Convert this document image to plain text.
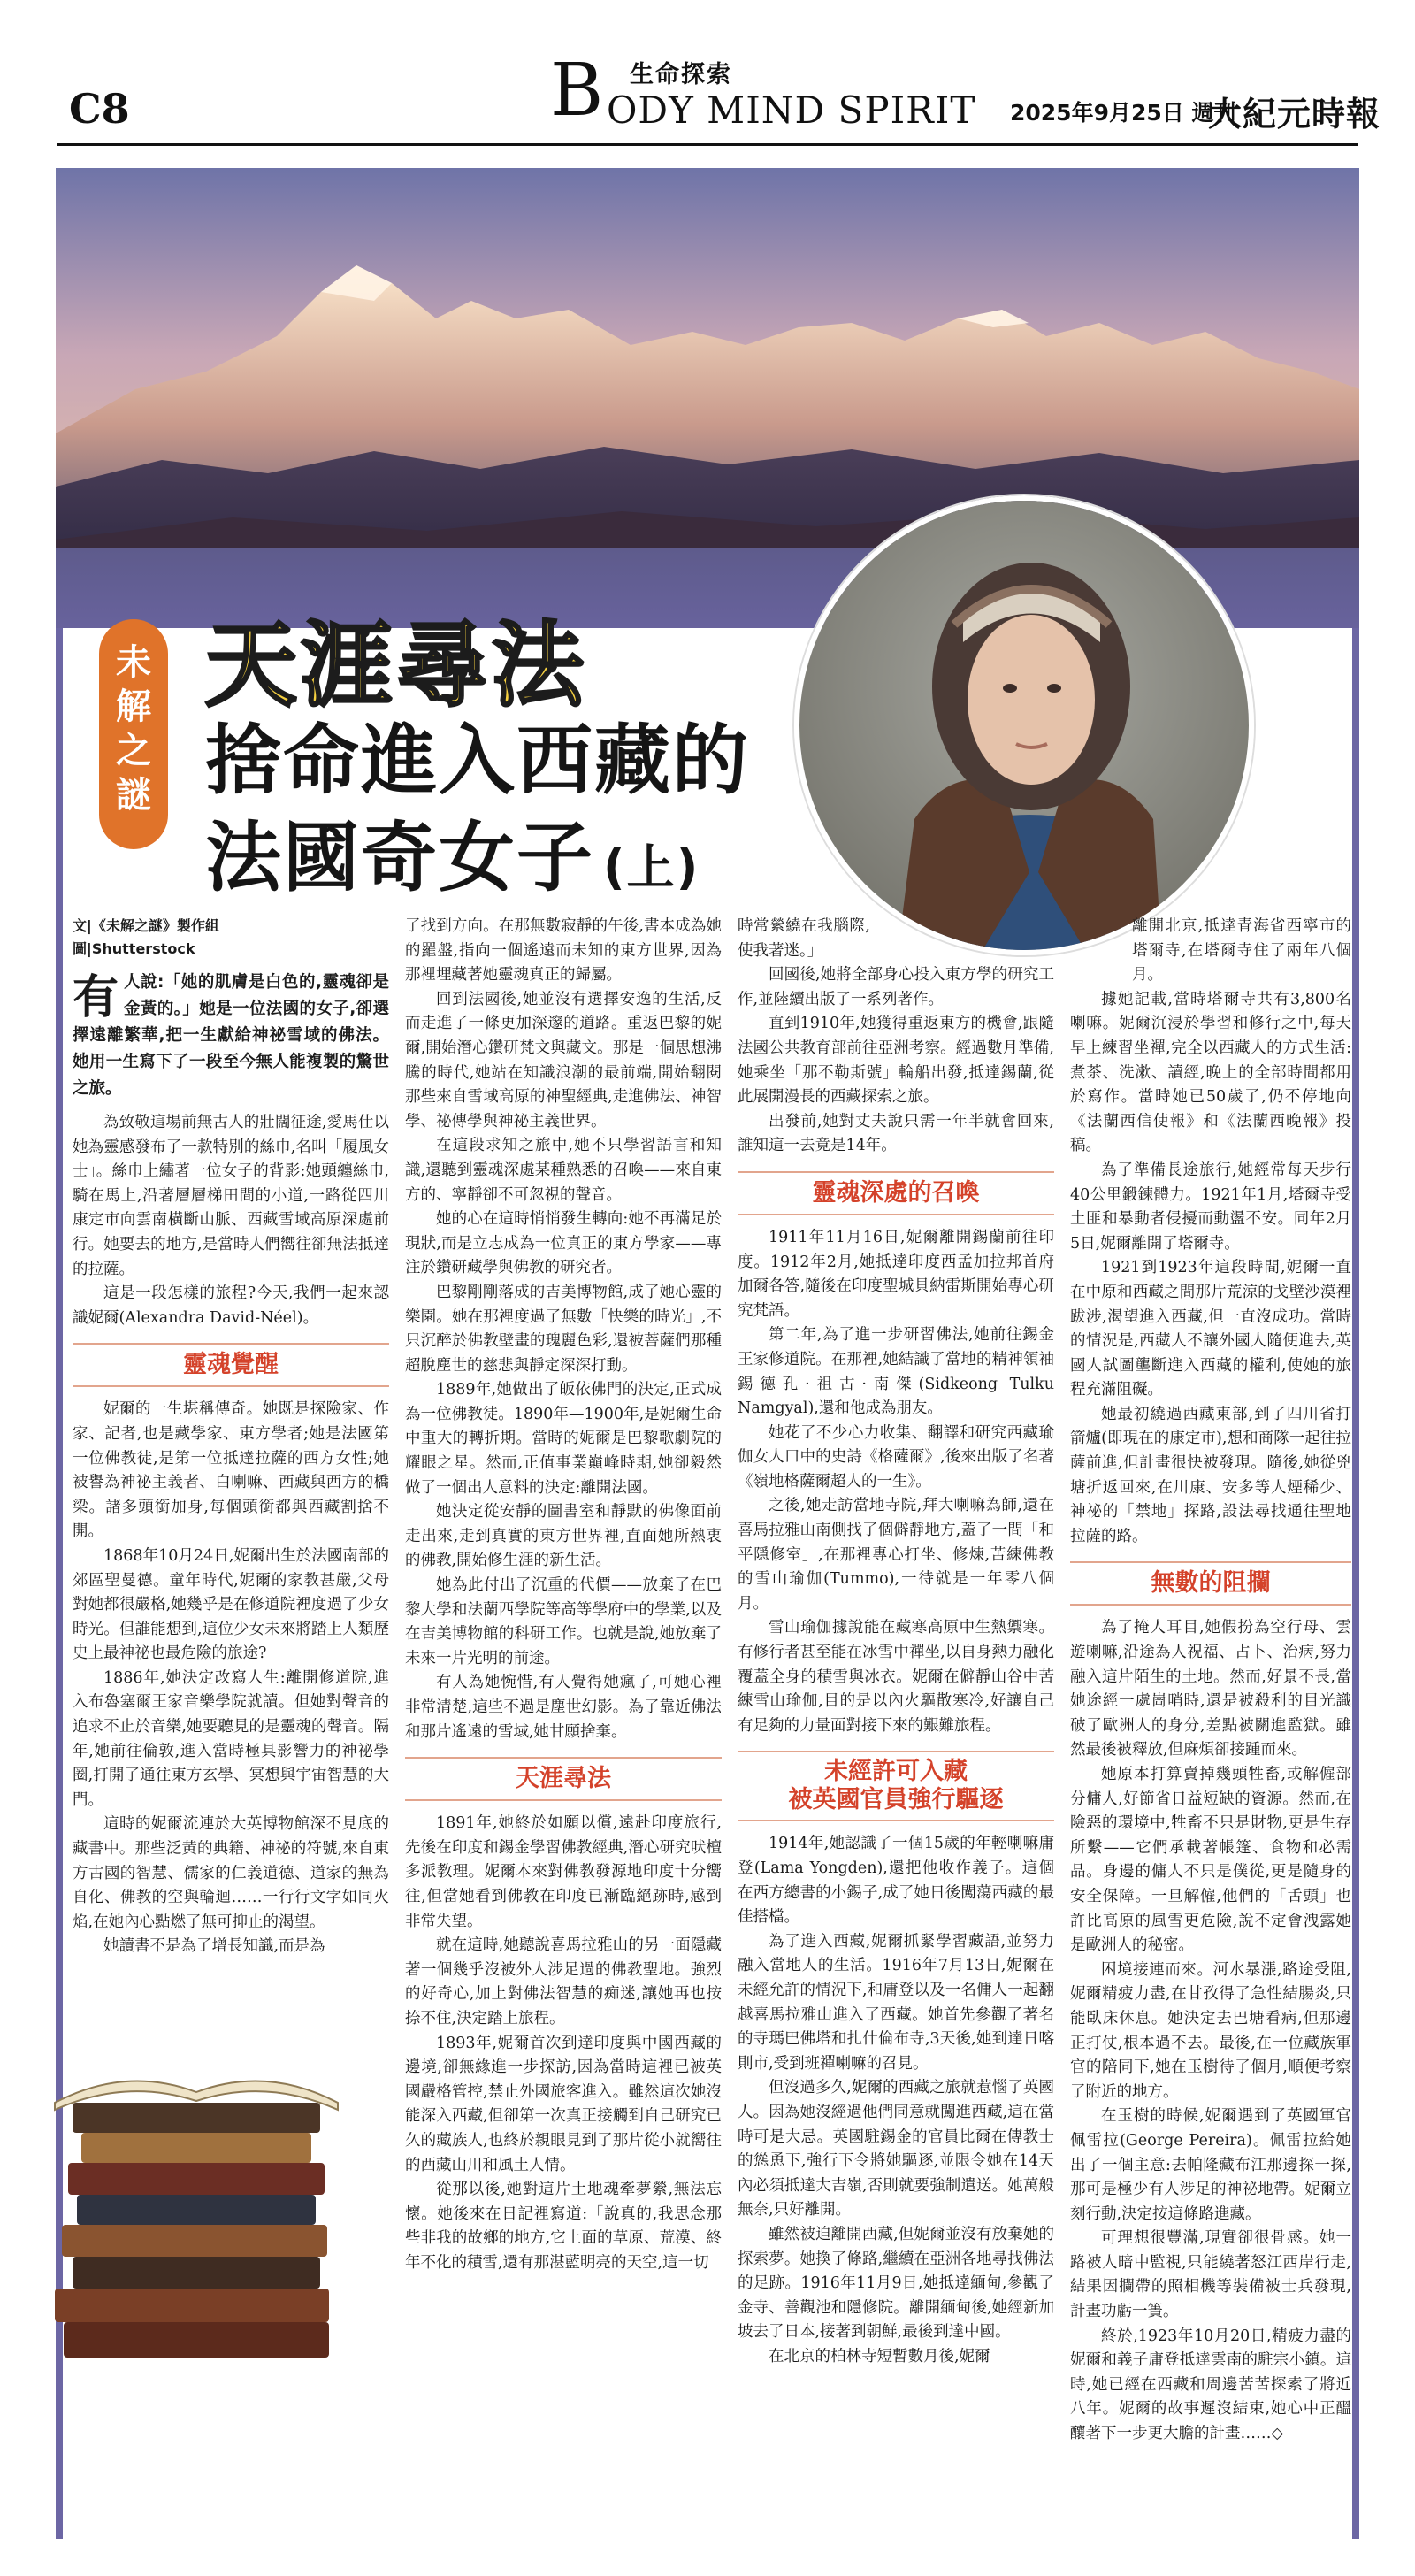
C8	B 生命探索
ODY MIND SPIRIT 2025年9月25日 週刊
大紀元時報
未
解
之
謎
天涯尋法
捨命進入西藏的
法國奇女子 (上)

文|《未解之謎》製作組

圖|Shutterstock

有人說:「她的肌膚是白色的,靈魂卻是金黃的。」她是一位法國的女子,卻選擇遠離繁華,把一生獻給神祕雪域的佛法。她用一生寫下了一段至今無人能複製的驚世之旅。

為致敬這場前無古人的壯闊征途,愛馬仕以她為靈感發布了一款特別的絲巾,名叫「履風女士」。絲巾上繡著一位女子的背影:她頭纏絲巾,騎在馬上,沿著層層梯田間的小道,一路從四川康定市向雲南橫斷山脈、西藏雪域高原深處前行。她要去的地方,是當時人們嚮往卻無法抵達的拉薩。

這是一段怎樣的旅程?今天,我們一起來認識妮爾(Alexandra David-Néel)。

靈魂覺醒

妮爾的一生堪稱傳奇。她既是探險家、作家、記者,也是藏學家、東方學者;她是法國第一位佛教徒,是第一位抵達拉薩的西方女性;她被譽為神祕主義者、白喇嘛、西藏與西方的橋梁。諸多頭銜加身,每個頭銜都與西藏割捨不開。

1868年10月24日,妮爾出生於法國南部的郊區聖曼德。童年時代,妮爾的家教甚嚴,父母對她都很嚴格,她幾乎是在修道院裡度過了少女時光。但誰能想到,這位少女未來將踏上人類歷史上最神祕也最危險的旅途?

1886年,她決定改寫人生:離開修道院,進入布魯塞爾王家音樂學院就讀。但她對聲音的追求不止於音樂,她要聽見的是靈魂的聲音。隔年,她前往倫敦,進入當時極具影響力的神祕學圈,打開了通往東方玄學、冥想與宇宙智慧的大門。

這時的妮爾流連於大英博物館深不見底的藏書中。那些泛黃的典籍、神祕的符號,來自東方古國的智慧、儒家的仁義道德、道家的無為自化、佛教的空與輪迴……一行行文字如同火焰,在她內心點燃了無可抑止的渴望。

她讀書不是為了增長知識,而是為

了找到方向。在那無數寂靜的午後,書本成為她的羅盤,指向一個遙遠而未知的東方世界,因為那裡埋藏著她靈魂真正的歸屬。

回到法國後,她並沒有選擇安逸的生活,反而走進了一條更加深邃的道路。重返巴黎的妮爾,開始潛心鑽研梵文與藏文。那是一個思想沸騰的時代,她站在知識浪潮的最前端,開始翻閱那些來自雪域高原的神聖經典,走進佛法、神智學、祕傳學與神祕主義世界。

在這段求知之旅中,她不只學習語言和知識,還聽到靈魂深處某種熟悉的召喚——來自東方的、寧靜卻不可忽視的聲音。

她的心在這時悄悄發生轉向:她不再滿足於現狀,而是立志成為一位真正的東方學家——專注於鑽研藏學與佛教的研究者。

巴黎剛剛落成的吉美博物館,成了她心靈的樂園。她在那裡度過了無數「快樂的時光」,不只沉醉於佛教壁畫的瑰麗色彩,還被菩薩們那種超脫塵世的慈悲與靜定深深打動。

1889年,她做出了皈依佛門的決定,正式成為一位佛教徒。1890年—1900年,是妮爾生命中重大的轉折期。當時的妮爾是巴黎歌劇院的耀眼之星。然而,正值事業巔峰時期,她卻毅然做了一個出人意料的決定:離開法國。

她決定從安靜的圖書室和靜默的佛像面前走出來,走到真實的東方世界裡,直面她所熱衷的佛教,開始修生涯的新生活。

她為此付出了沉重的代價——放棄了在巴黎大學和法蘭西學院等高等學府中的學業,以及在吉美博物館的科研工作。也就是說,她放棄了未來一片光明的前途。

有人為她惋惜,有人覺得她瘋了,可她心裡非常清楚,這些不過是塵世幻影。為了靠近佛法和那片遙遠的雪域,她甘願捨棄。

天涯尋法

1891年,她終於如願以償,遠赴印度旅行,先後在印度和錫金學習佛教經典,潛心研究吠檀多派教理。妮爾本來對佛教發源地印度十分嚮往,但當她看到佛教在印度已漸臨絕跡時,感到非常失望。

就在這時,她聽說喜馬拉雅山的另一面隱藏著一個幾乎沒被外人涉足過的佛教聖地。強烈的好奇心,加上對佛法智慧的痴迷,讓她再也按捺不住,決定踏上旅程。

1893年,妮爾首次到達印度與中國西藏的邊境,卻無緣進一步探訪,因為當時這裡已被英國嚴格管控,禁止外國旅客進入。雖然這次她沒能深入西藏,但卻第一次真正接觸到自己研究已久的藏族人,也終於親眼見到了那片從小就嚮往的西藏山川和風土人情。

從那以後,她對這片土地魂牽夢縈,無法忘懷。她後來在日記裡寫道:「說真的,我思念那些非我的故鄉的地方,它上面的草原、荒漠、終年不化的積雪,還有那湛藍明亮的天空,這一切

時常縈繞在我腦際,使我著迷。」

回國後,她將全部身心投入東方學的研究工作,並陸續出版了一系列著作。

直到1910年,她獲得重返東方的機會,跟隨法國公共教育部前往亞洲考察。經過數月準備,她乘坐「那不勒斯號」輪船出發,抵達錫蘭,從此展開漫長的西藏探索之旅。

出發前,她對丈夫說只需一年半就會回來,誰知這一去竟是14年。

靈魂深處的召喚

1911年11月16日,妮爾離開錫蘭前往印度。1912年2月,她抵達印度西孟加拉邦首府加爾各答,隨後在印度聖城貝納雷斯開始專心研究梵語。

第二年,為了進一步研習佛法,她前往錫金王家修道院。在那裡,她結識了當地的精神領袖錫德孔·祖古·南傑(Sidkeong Tulku Namgyal),還和他成為朋友。

她花了不少心力收集、翻譯和研究西藏瑜伽女人口中的史詩《格薩爾》,後來出版了名著《嶺地格薩爾超人的一生》。

之後,她走訪當地寺院,拜大喇嘛為師,還在喜馬拉雅山南側找了個僻靜地方,蓋了一間「和平隱修室」,在那裡專心打坐、修煉,苦練佛教的雪山瑜伽(Tummo),一待就是一年零八個月。

雪山瑜伽據說能在藏寒高原中生熱禦寒。有修行者甚至能在冰雪中禪坐,以自身熱力融化覆蓋全身的積雪與冰衣。妮爾在僻靜山谷中苦練雪山瑜伽,目的是以內火驅散寒冷,好讓自己有足夠的力量面對接下來的艱難旅程。

未經許可入藏
被英國官員強行驅逐

1914年,她認識了一個15歲的年輕喇嘛庸登(Lama Yongden),還把他收作義子。這個在西方總書的小錫子,成了她日後闖蕩西藏的最佳搭檔。

為了進入西藏,妮爾抓緊學習藏語,並努力融入當地人的生活。1916年7月13日,妮爾在未經允許的情況下,和庸登以及一名傭人一起翻越喜馬拉雅山進入了西藏。她首先參觀了著名的寺瑪巴佛塔和扎什倫布寺,3天後,她到達日喀則市,受到班禪喇嘛的召見。

但沒過多久,妮爾的西藏之旅就惹惱了英國人。因為她沒經過他們同意就闖進西藏,這在當時可是大忌。英國駐錫金的官員比爾在傳教士的慫恿下,強行下令將她驅逐,並限令她在14天內必須抵達大吉嶺,否則就要強制遣送。她萬般無奈,只好離開。

雖然被迫離開西藏,但妮爾並沒有放棄她的探索夢。她換了條路,繼續在亞洲各地尋找佛法的足跡。1916年11月9日,她抵達緬甸,參觀了金寺、善觀池和隱修院。離開緬甸後,她經新加坡去了日本,接著到朝鮮,最後到達中國。

在北京的柏林寺短暫數月後,妮爾

離開北京,抵達青海省西寧市的塔爾寺,在塔爾寺住了兩年八個月。

據她記載,當時塔爾寺共有3,800名喇嘛。妮爾沉浸於學習和修行之中,每天早上練習坐禪,完全以西藏人的方式生活:煮茶、洗漱、讀經,晚上的全部時間都用於寫作。當時她已50歲了,仍不停地向《法蘭西信使報》和《法蘭西晚報》投稿。

為了準備長途旅行,她經常每天步行40公里鍛鍊體力。1921年1月,塔爾寺受土匪和暴動者侵擾而動盪不安。同年2月5日,妮爾離開了塔爾寺。

1921到1923年這段時間,妮爾一直在中原和西藏之間那片荒涼的戈壁沙漠裡跋涉,渴望進入西藏,但一直沒成功。當時的情況是,西藏人不讓外國人隨便進去,英國人試圖壟斷進入西藏的權利,使她的旅程充滿阻礙。

她最初繞過西藏東部,到了四川省打箭爐(即現在的康定市),想和商隊一起往拉薩前進,但計畫很快被發現。隨後,她從兇塘折返回來,在川康、安多等人煙稀少、神祕的「禁地」探路,設法尋找通往聖地拉薩的路。

無數的阻攔

為了掩人耳目,她假扮為空行母、雲遊喇嘛,沿途為人祝福、占卜、治病,努力融入這片陌生的土地。然而,好景不長,當她途經一處崗哨時,還是被殺利的目光識破了歐洲人的身分,差點被關進監獄。雖然最後被釋放,但麻煩卻接踵而來。

她原本打算賣掉幾頭牲畜,或解僱部分傭人,好節省日益短缺的資源。然而,在險惡的環境中,牲畜不只是財物,更是生存所繫——它們承載著帳篷、食物和必需品。身邊的傭人不只是僕從,更是隨身的安全保障。一旦解僱,他們的「舌頭」也許比高原的風雪更危險,說不定會洩露她是歐洲人的秘密。

困境接連而來。河水暴漲,路途受阻,妮爾精疲力盡,在甘孜得了急性結腸炎,只能臥床休息。她決定去巴塘看病,但那邊正打仗,根本過不去。最後,在一位藏族軍官的陪同下,她在玉樹待了個月,順便考察了附近的地方。

在玉樹的時候,妮爾遇到了英國軍官佩雷拉(George Pereira)。佩雷拉給她出了一個主意:去帕隆藏布江那邊探一探,那可是極少有人涉足的神祕地帶。妮爾立刻行動,決定按這條路進藏。

可理想很豐滿,現實卻很骨感。她一路被人暗中監視,只能繞著怒江西岸行走,結果因攔帶的照相機等裝備被士兵發現,計畫功虧一簣。

終於,1923年10月20日,精疲力盡的妮爾和義子庸登抵達雲南的駐宗小鎮。這時,她已經在西藏和周邊苦苦探索了將近八年。妮爾的故事遲沒結束,她心中正醞釀著下一步更大膽的計畫……◇
